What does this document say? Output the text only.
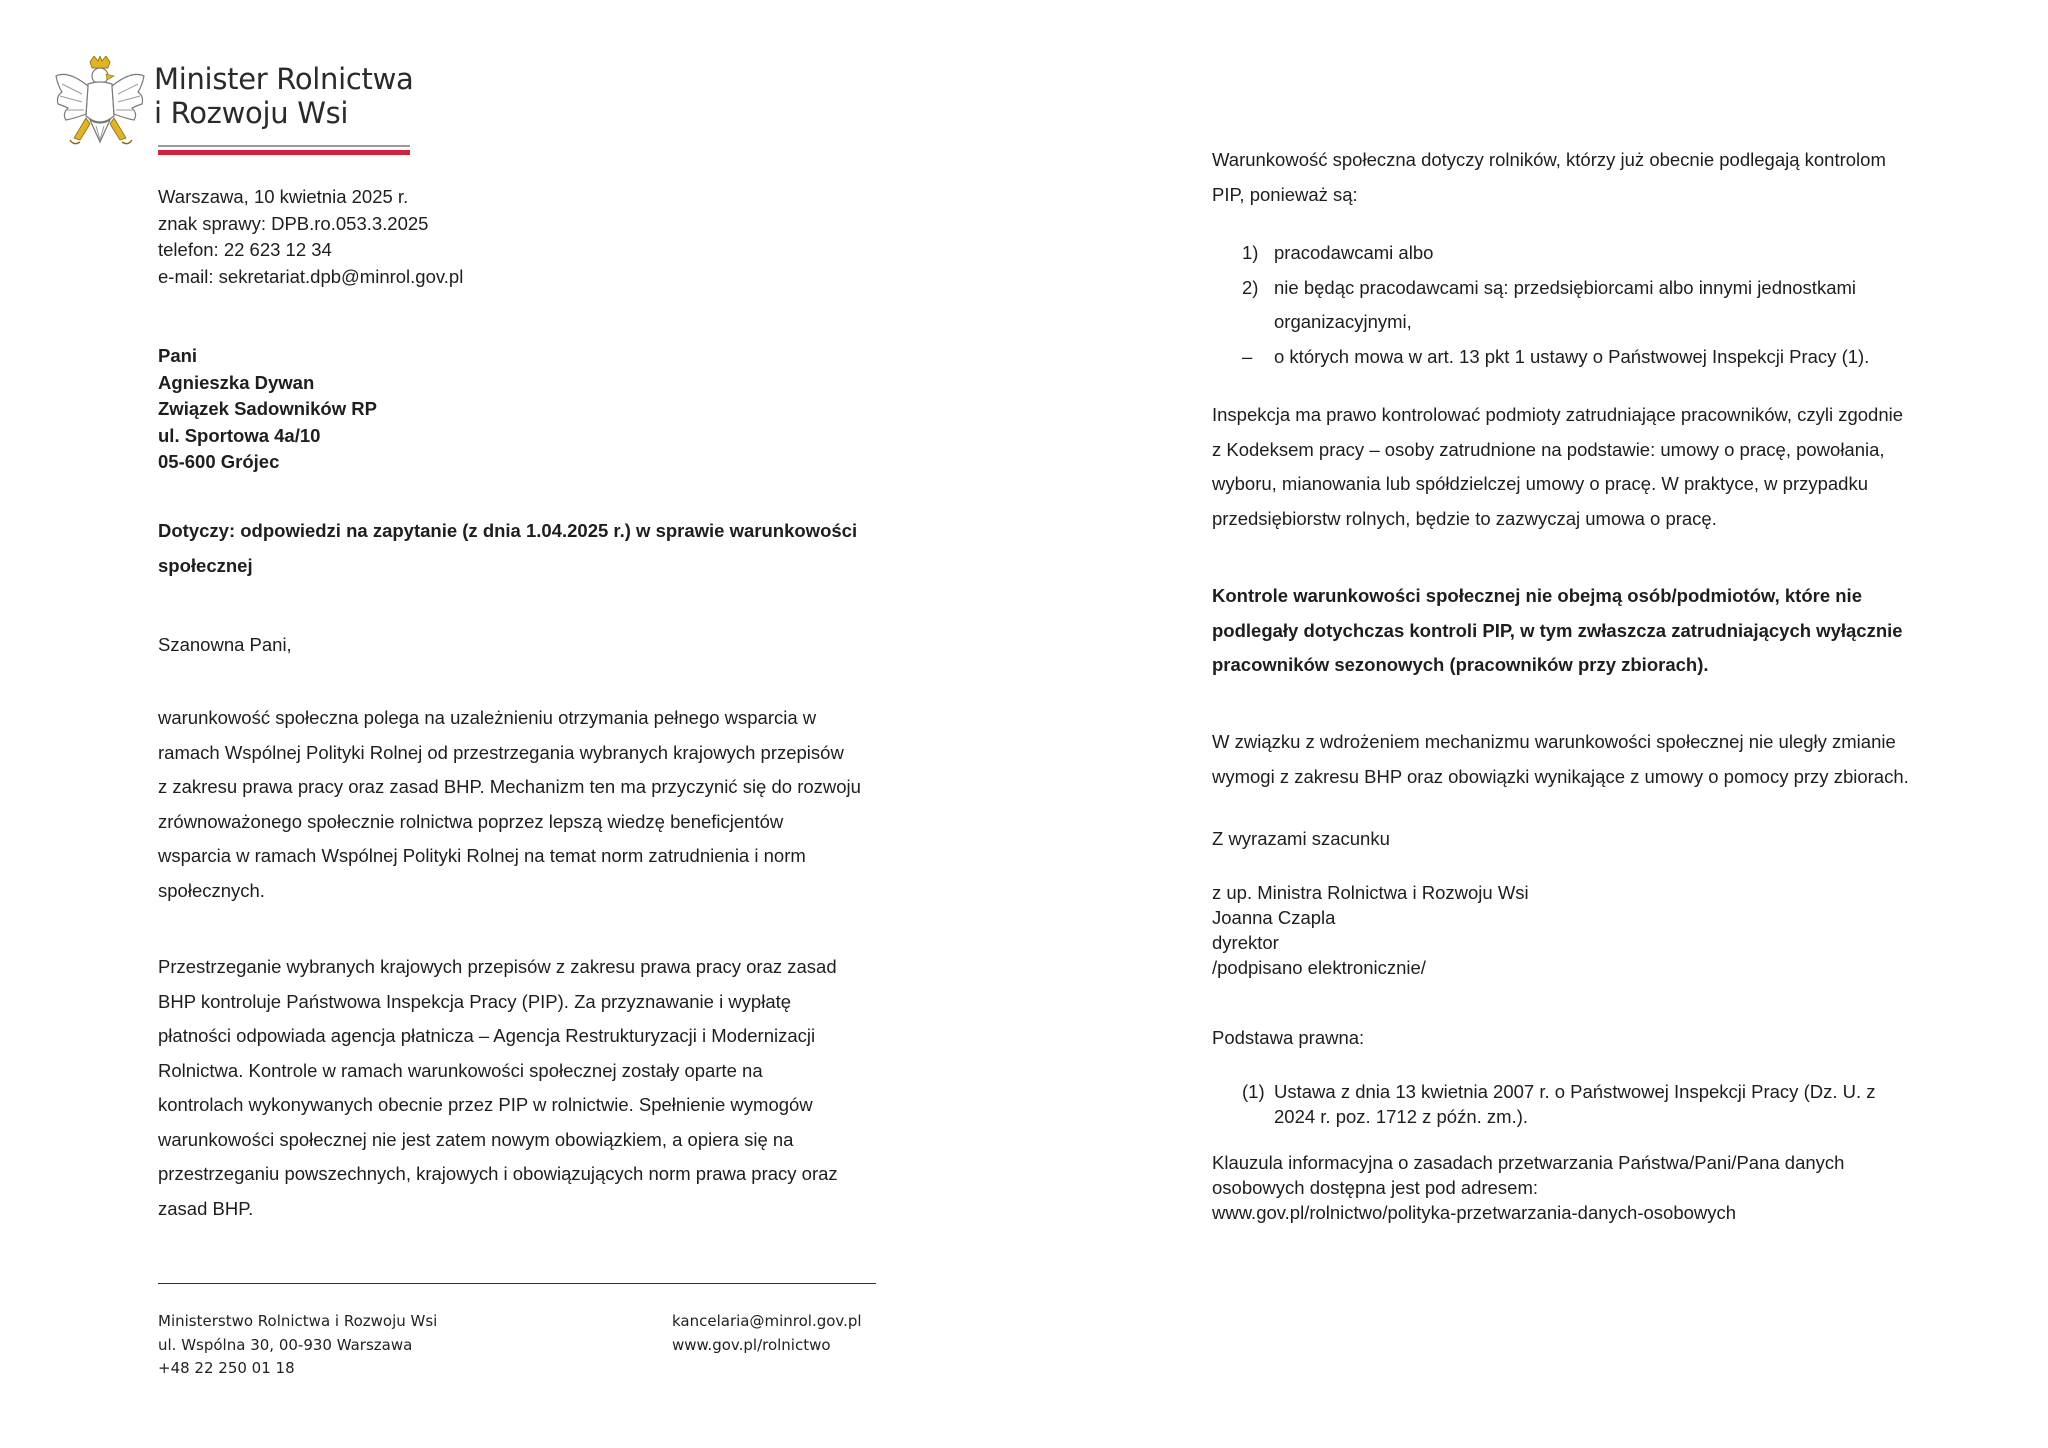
Minister Rolnictwa
i Rozwoju Wsi
Warszawa, 10 kwietnia 2025 r.
znak sprawy: DPB.ro.053.3.2025
telefon: 22 623 12 34
e-mail: sekretariat.dpb@minrol.gov.pl
Pani
Agnieszka Dywan
Związek Sadowników RP
ul. Sportowa 4a/10
05-600 Grójec
Dotyczy: odpowiedzi na zapytanie (z dnia 1.04.2025 r.) w sprawie warunkowości
społecznej
Szanowna Pani,
warunkowość społeczna polega na uzależnieniu otrzymania pełnego wsparcia w
ramach Wspólnej Polityki Rolnej od przestrzegania wybranych krajowych przepisów
z zakresu prawa pracy oraz zasad BHP. Mechanizm ten ma przyczynić się do rozwoju
zrównoważonego społecznie rolnictwa poprzez lepszą wiedzę beneficjentów
wsparcia w ramach Wspólnej Polityki Rolnej na temat norm zatrudnienia i norm
społecznych.
Przestrzeganie wybranych krajowych przepisów z zakresu prawa pracy oraz zasad
BHP kontroluje Państwowa Inspekcja Pracy (PIP). Za przyznawanie i wypłatę
płatności odpowiada agencja płatnicza – Agencja Restrukturyzacji i Modernizacji
Rolnictwa. Kontrole w ramach warunkowości społecznej zostały oparte na
kontrolach wykonywanych obecnie przez PIP w rolnictwie. Spełnienie wymogów
warunkowości społecznej nie jest zatem nowym obowiązkiem, a opiera się na
przestrzeganiu powszechnych, krajowych i obowiązujących norm prawa pracy oraz
zasad BHP.
Ministerstwo Rolnictwa i Rozwoju Wsi
ul. Wspólna 30, 00-930 Warszawa
+48 22 250 01 18
kancelaria@minrol.gov.pl
www.gov.pl/rolnictwo
Warunkowość społeczna dotyczy rolników, którzy już obecnie podlegają kontrolom
PIP, ponieważ są:
1) pracodawcami albo
2) nie będąc pracodawcami są: przedsiębiorcami albo innymi jednostkami
organizacyjnymi,
– o których mowa w art. 13 pkt 1 ustawy o Państwowej Inspekcji Pracy (1).
Inspekcja ma prawo kontrolować podmioty zatrudniające pracowników, czyli zgodnie
z Kodeksem pracy – osoby zatrudnione na podstawie: umowy o pracę, powołania,
wyboru, mianowania lub spółdzielczej umowy o pracę. W praktyce, w przypadku
przedsiębiorstw rolnych, będzie to zazwyczaj umowa o pracę.
Kontrole warunkowości społecznej nie obejmą osób/podmiotów, które nie
podlegały dotychczas kontroli PIP, w tym zwłaszcza zatrudniających wyłącznie
pracowników sezonowych (pracowników przy zbiorach).
W związku z wdrożeniem mechanizmu warunkowości społecznej nie uległy zmianie
wymogi z zakresu BHP oraz obowiązki wynikające z umowy o pomocy przy zbiorach.
Z wyrazami szacunku
z up. Ministra Rolnictwa i Rozwoju Wsi
Joanna Czapla
dyrektor
/podpisano elektronicznie/
Podstawa prawna:
(1) Ustawa z dnia 13 kwietnia 2007 r. o Państwowej Inspekcji Pracy (Dz. U. z
2024 r. poz. 1712 z późn. zm.).
Klauzula informacyjna o zasadach przetwarzania Państwa/Pani/Pana danych
osobowych dostępna jest pod adresem:
www.gov.pl/rolnictwo/polityka-przetwarzania-danych-osobowych
